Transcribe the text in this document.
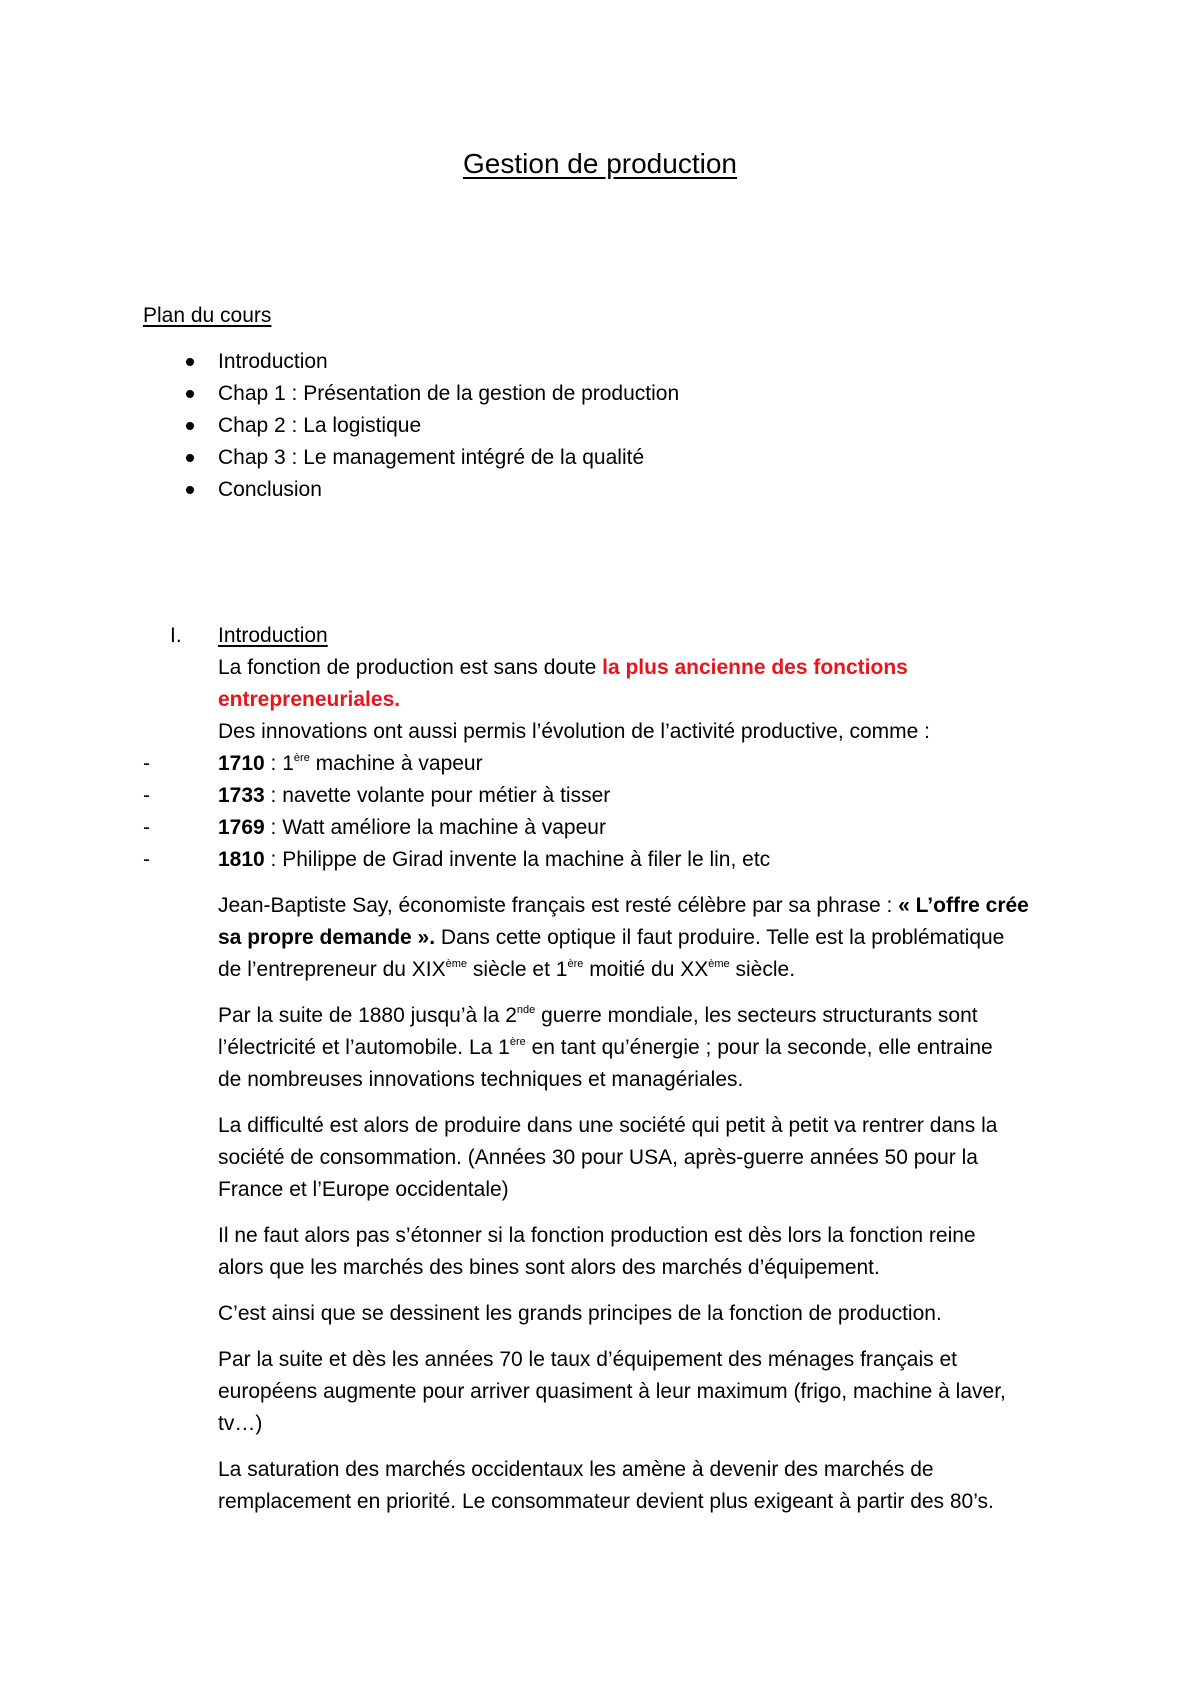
Gestion de production
Plan du cours
Introduction
Chap 1 : Présentation de la gestion de production
Chap 2 : La logistique
Chap 3 : Le management intégré de la qualité
Conclusion
I. Introduction
La fonction de production est sans doute la plus ancienne des fonctions
entrepreneuriales.
Des innovations ont aussi permis l’évolution de l’activité productive, comme :
-	1710 : 1ère machine à vapeur
-	1733 : navette volante pour métier à tisser
-	1769 : Watt améliore la machine à vapeur
-	1810 : Philippe de Girad invente la machine à filer le lin, etc

Jean-Baptiste Say, économiste français est resté célèbre par sa phrase : « L’offre crée
sa propre demande ». Dans cette optique il faut produire. Telle est la problématique
de l’entrepreneur du XIXème siècle et 1ère moitié du XXème siècle.

Par la suite de 1880 jusqu’à la 2nde guerre mondiale, les secteurs structurants sont
l’électricité et l’automobile. La 1ère en tant qu’énergie ; pour la seconde, elle entraine
de nombreuses innovations techniques et managériales.

La difficulté est alors de produire dans une société qui petit à petit va rentrer dans la
société de consommation. (Années 30 pour USA, après-guerre années 50 pour la
France et l’Europe occidentale)

Il ne faut alors pas s’étonner si la fonction production est dès lors la fonction reine
alors que les marchés des bines sont alors des marchés d’équipement.

C’est ainsi que se dessinent les grands principes de la fonction de production.

Par la suite et dès les années 70 le taux d’équipement des ménages français et
européens augmente pour arriver quasiment à leur maximum (frigo, machine à laver,
tv…)

La saturation des marchés occidentaux les amène à devenir des marchés de
remplacement en priorité. Le consommateur devient plus exigeant à partir des 80’s.
